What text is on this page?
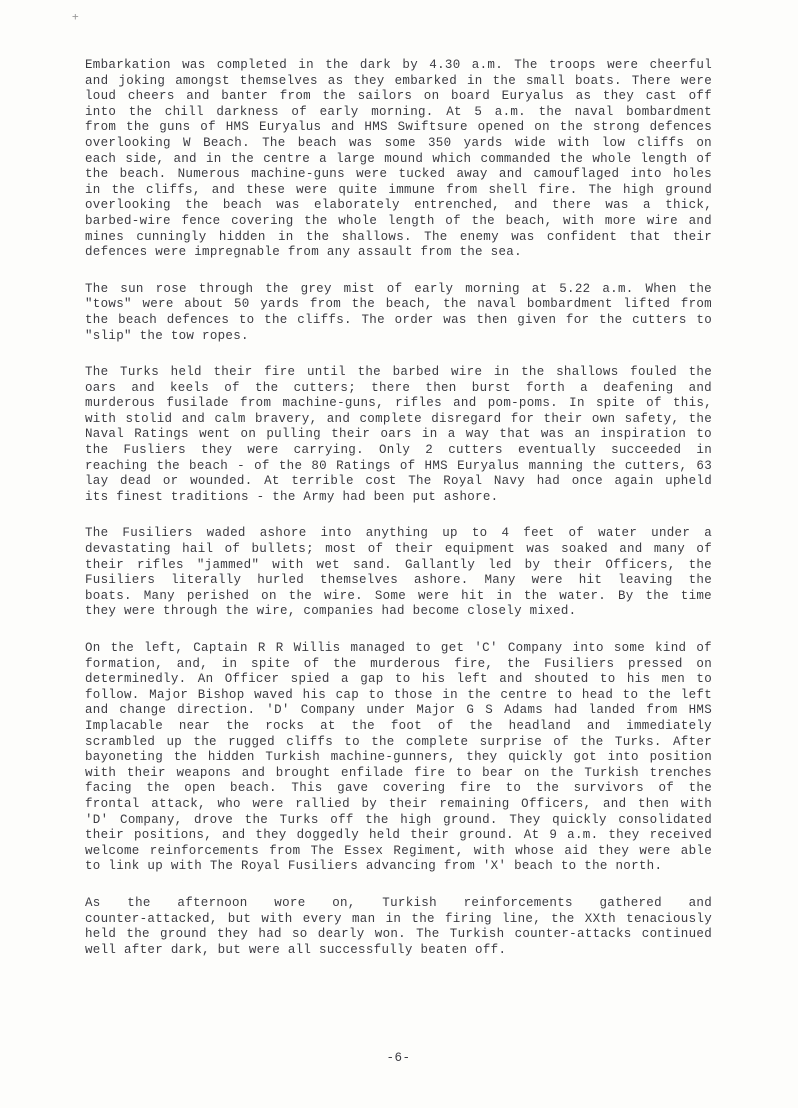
+
Embarkation was completed in the dark by 4.30 a.m. The troops were cheerful
and joking amongst themselves as they embarked in the small boats. There were
loud cheers and banter from the sailors on board Euryalus as they cast off
into the chill darkness of early morning. At 5 a.m. the naval bombardment
from the guns of HMS Euryalus and HMS Swiftsure opened on the strong defences
overlooking W Beach. The beach was some 350 yards wide with low cliffs on
each side, and in the centre a large mound which commanded the whole length of
the beach. Numerous machine-guns were tucked away and camouflaged into holes
in the cliffs, and these were quite immune from shell fire. The high ground
overlooking the beach was elaborately entrenched, and there was a thick,
barbed-wire fence covering the whole length of the beach, with more wire and
mines cunningly hidden in the shallows. The enemy was confident that their
defences were impregnable from any assault from the sea.
The sun rose through the grey mist of early morning at 5.22 a.m. When the
"tows" were about 50 yards from the beach, the naval bombardment lifted from
the beach defences to the cliffs. The order was then given for the cutters to
"slip" the tow ropes.
The Turks held their fire until the barbed wire in the shallows fouled the
oars and keels of the cutters; there then burst forth a deafening and
murderous fusilade from machine-guns, rifles and pom-poms. In spite of this,
with stolid and calm bravery, and complete disregard for their own safety, the
Naval Ratings went on pulling their oars in a way that was an inspiration to
the Fusliers they were carrying. Only 2 cutters eventually succeeded in
reaching the beach - of the 80 Ratings of HMS Euryalus manning the cutters, 63
lay dead or wounded. At terrible cost The Royal Navy had once again upheld
its finest traditions - the Army had been put ashore.
The Fusiliers waded ashore into anything up to 4 feet of water under a
devastating hail of bullets; most of their equipment was soaked and many of
their rifles "jammed" with wet sand. Gallantly led by their Officers, the
Fusiliers literally hurled themselves ashore. Many were hit leaving the
boats. Many perished on the wire. Some were hit in the water. By the time
they were through the wire, companies had become closely mixed.
On the left, Captain R R Willis managed to get 'C' Company into some kind of
formation, and, in spite of the murderous fire, the Fusiliers pressed on
determinedly. An Officer spied a gap to his left and shouted to his men to
follow. Major Bishop waved his cap to those in the centre to head to the left
and change direction. 'D' Company under Major G S Adams had landed from HMS
Implacable near the rocks at the foot of the headland and immediately
scrambled up the rugged cliffs to the complete surprise of the Turks. After
bayoneting the hidden Turkish machine-gunners, they quickly got into position
with their weapons and brought enfilade fire to bear on the Turkish trenches
facing the open beach. This gave covering fire to the survivors of the
frontal attack, who were rallied by their remaining Officers, and then with
'D' Company, drove the Turks off the high ground. They quickly consolidated
their positions, and they doggedly held their ground. At 9 a.m. they received
welcome reinforcements from The Essex Regiment, with whose aid they were able
to link up with The Royal Fusiliers advancing from 'X' beach to the north.
As the afternoon wore on, Turkish reinforcements gathered and
counter-attacked, but with every man in the firing line, the XXth tenaciously
held the ground they had so dearly won. The Turkish counter-attacks continued
well after dark, but were all successfully beaten off.
-6-
